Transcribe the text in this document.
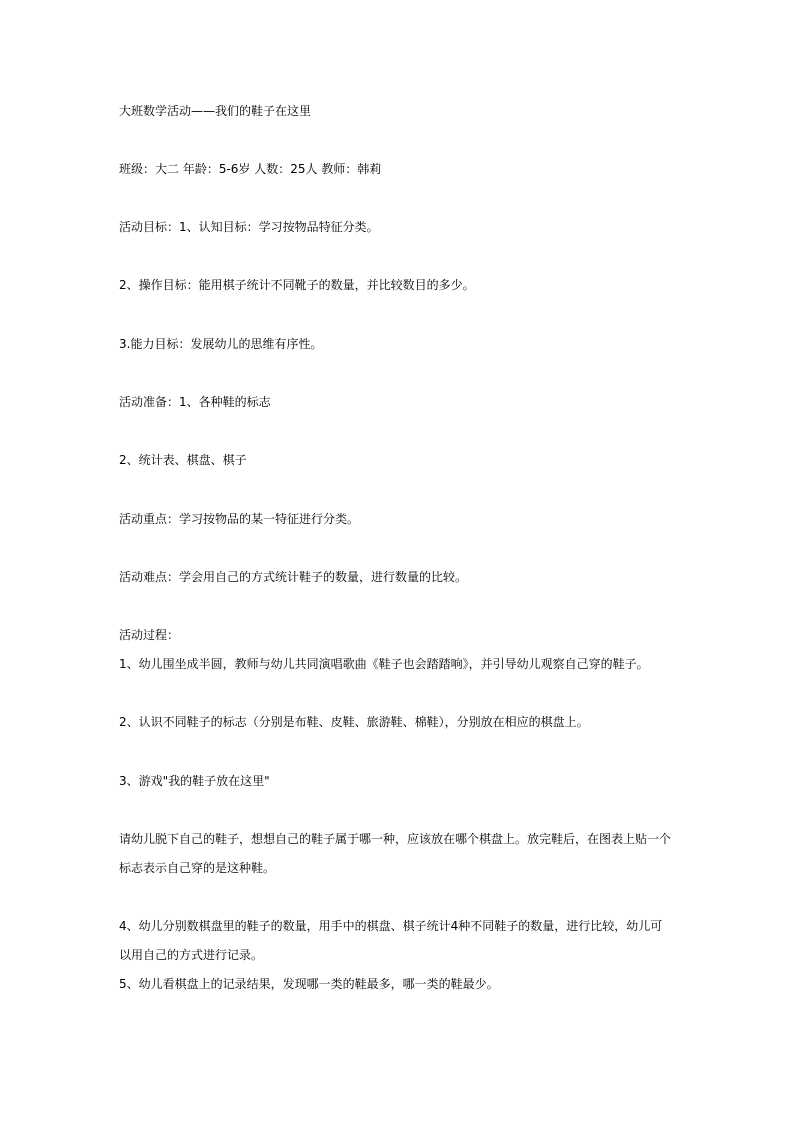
大班数学活动——我们的鞋子在这里
班级：大二 年龄：5-6岁 人数：25人 教师：韩莉
活动目标：1、认知目标：学习按物品特征分类。
2、操作目标：能用棋子统计不同靴子的数量，并比较数目的多少。
3.能力目标：发展幼儿的思维有序性。
活动准备：1、各种鞋的标志
2、统计表、棋盘、棋子
活动重点：学习按物品的某一特征进行分类。
活动难点：学会用自己的方式统计鞋子的数量，进行数量的比较。
活动过程：
1、幼儿围坐成半圆，教师与幼儿共同演唱歌曲《鞋子也会踏踏响》，并引导幼儿观察自己穿的鞋子。
2、认识不同鞋子的标志（分别是布鞋、皮鞋、旅游鞋、棉鞋），分别放在相应的棋盘上。
3、游戏"我的鞋子放在这里"
请幼儿脱下自己的鞋子，想想自己的鞋子属于哪一种，应该放在哪个棋盘上。放完鞋后，在图表上贴一个
标志表示自己穿的是这种鞋。
4、幼儿分别数棋盘里的鞋子的数量，用手中的棋盘、棋子统计4种不同鞋子的数量，进行比较，幼儿可
以用自己的方式进行记录。
5、幼儿看棋盘上的记录结果，发现哪一类的鞋最多，哪一类的鞋最少。
